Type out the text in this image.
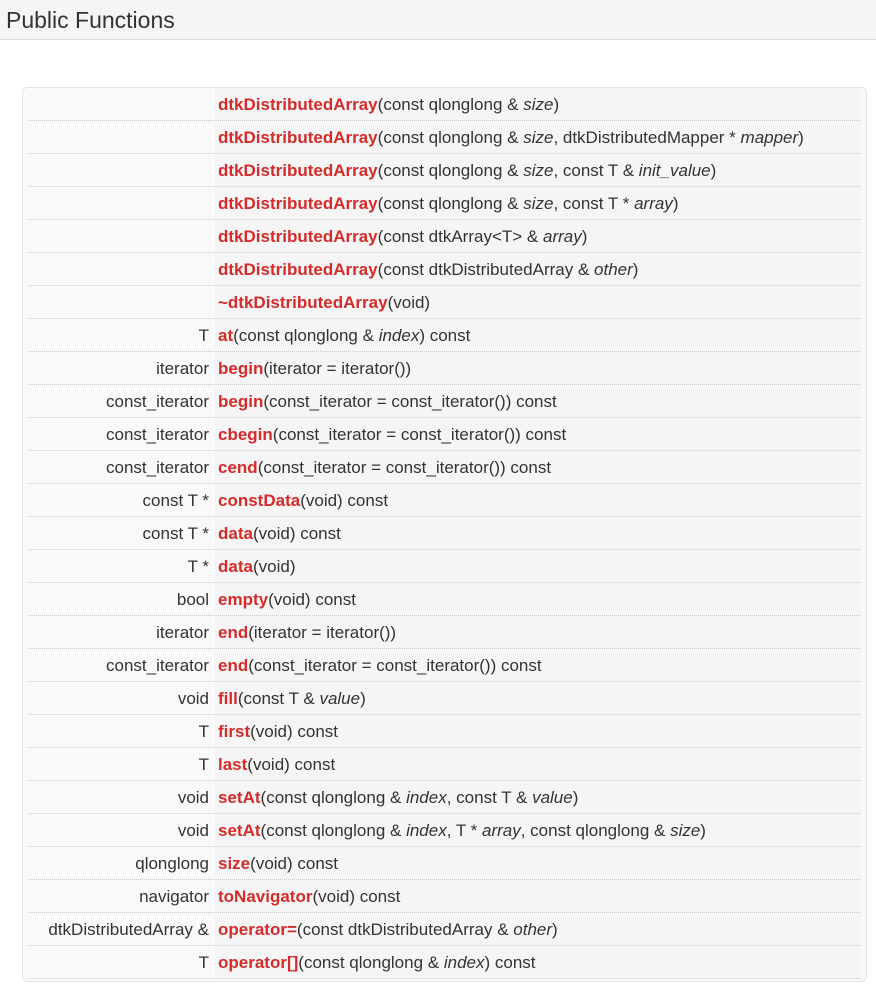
Public Functions
dtkDistributedArray(const qlonglong & size)
dtkDistributedArray(const qlonglong & size, dtkDistributedMapper * mapper)
dtkDistributedArray(const qlonglong & size, const T & init_value)
dtkDistributedArray(const qlonglong & size, const T * array)
dtkDistributedArray(const dtkArray<T> & array)
dtkDistributedArray(const dtkDistributedArray & other)
~dtkDistributedArray(void)
T at(const qlonglong & index) const
iterator begin(iterator = iterator())
const_iterator begin(const_iterator = const_iterator()) const
const_iterator cbegin(const_iterator = const_iterator()) const
const_iterator cend(const_iterator = const_iterator()) const
const T * constData(void) const
const T * data(void) const
T * data(void)
bool empty(void) const
iterator end(iterator = iterator())
const_iterator end(const_iterator = const_iterator()) const
void fill(const T & value)
T first(void) const
T last(void) const
void setAt(const qlonglong & index, const T & value)
void setAt(const qlonglong & index, T * array, const qlonglong & size)
qlonglong size(void) const
navigator toNavigator(void) const
dtkDistributedArray & operator=(const dtkDistributedArray & other)
T operator[](const qlonglong & index) const
